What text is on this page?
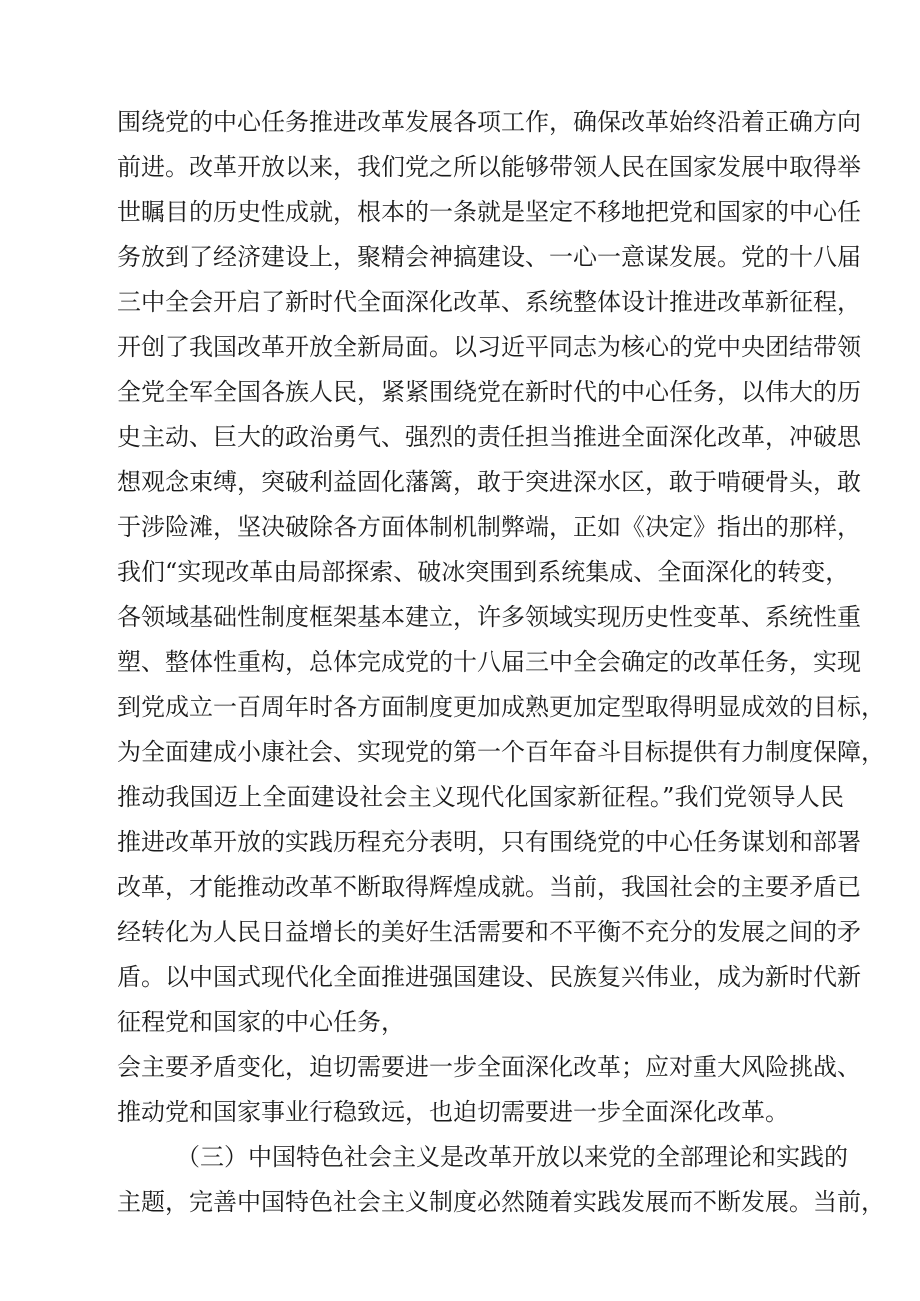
围绕党的中心任务推进改革发展各项工作，确保改革始终沿着正确方向
前进。改革开放以来，我们党之所以能够带领人民在国家发展中取得举
世瞩目的历史性成就，根本的一条就是坚定不移地把党和国家的中心任
务放到了经济建设上，聚精会神搞建设、一心一意谋发展。党的十八届
三中全会开启了新时代全面深化改革、系统整体设计推进改革新征程，
开创了我国改革开放全新局面。以习近平同志为核心的党中央团结带领
全党全军全国各族人民，紧紧围绕党在新时代的中心任务，以伟大的历
史主动、巨大的政治勇气、强烈的责任担当推进全面深化改革，冲破思
想观念束缚，突破利益固化藩篱，敢于突进深水区，敢于啃硬骨头，敢
于涉险滩，坚决破除各方面体制机制弊端，正如《决定》指出的那样，
我们“实现改革由局部探索、破冰突围到系统集成、全面深化的转变，
各领域基础性制度框架基本建立，许多领域实现历史性变革、系统性重
塑、整体性重构，总体完成党的十八届三中全会确定的改革任务，实现
到党成立一百周年时各方面制度更加成熟更加定型取得明显成效的目标，
为全面建成小康社会、实现党的第一个百年奋斗目标提供有力制度保障，
推动我国迈上全面建设社会主义现代化国家新征程。”我们党领导人民
推进改革开放的实践历程充分表明，只有围绕党的中心任务谋划和部署
改革，才能推动改革不断取得辉煌成就。当前，我国社会的主要矛盾已
经转化为人民日益增长的美好生活需要和不平衡不充分的发展之间的矛
盾。以中国式现代化全面推进强国建设、民族复兴伟业，成为新时代新
征程党和国家的中心任务，
会主要矛盾变化，迫切需要进一步全面深化改革；应对重大风险挑战、
推动党和国家事业行稳致远，也迫切需要进一步全面深化改革。
（三）中国特色社会主义是改革开放以来党的全部理论和实践的
主题，完善中国特色社会主义制度必然随着实践发展而不断发展。当前，
